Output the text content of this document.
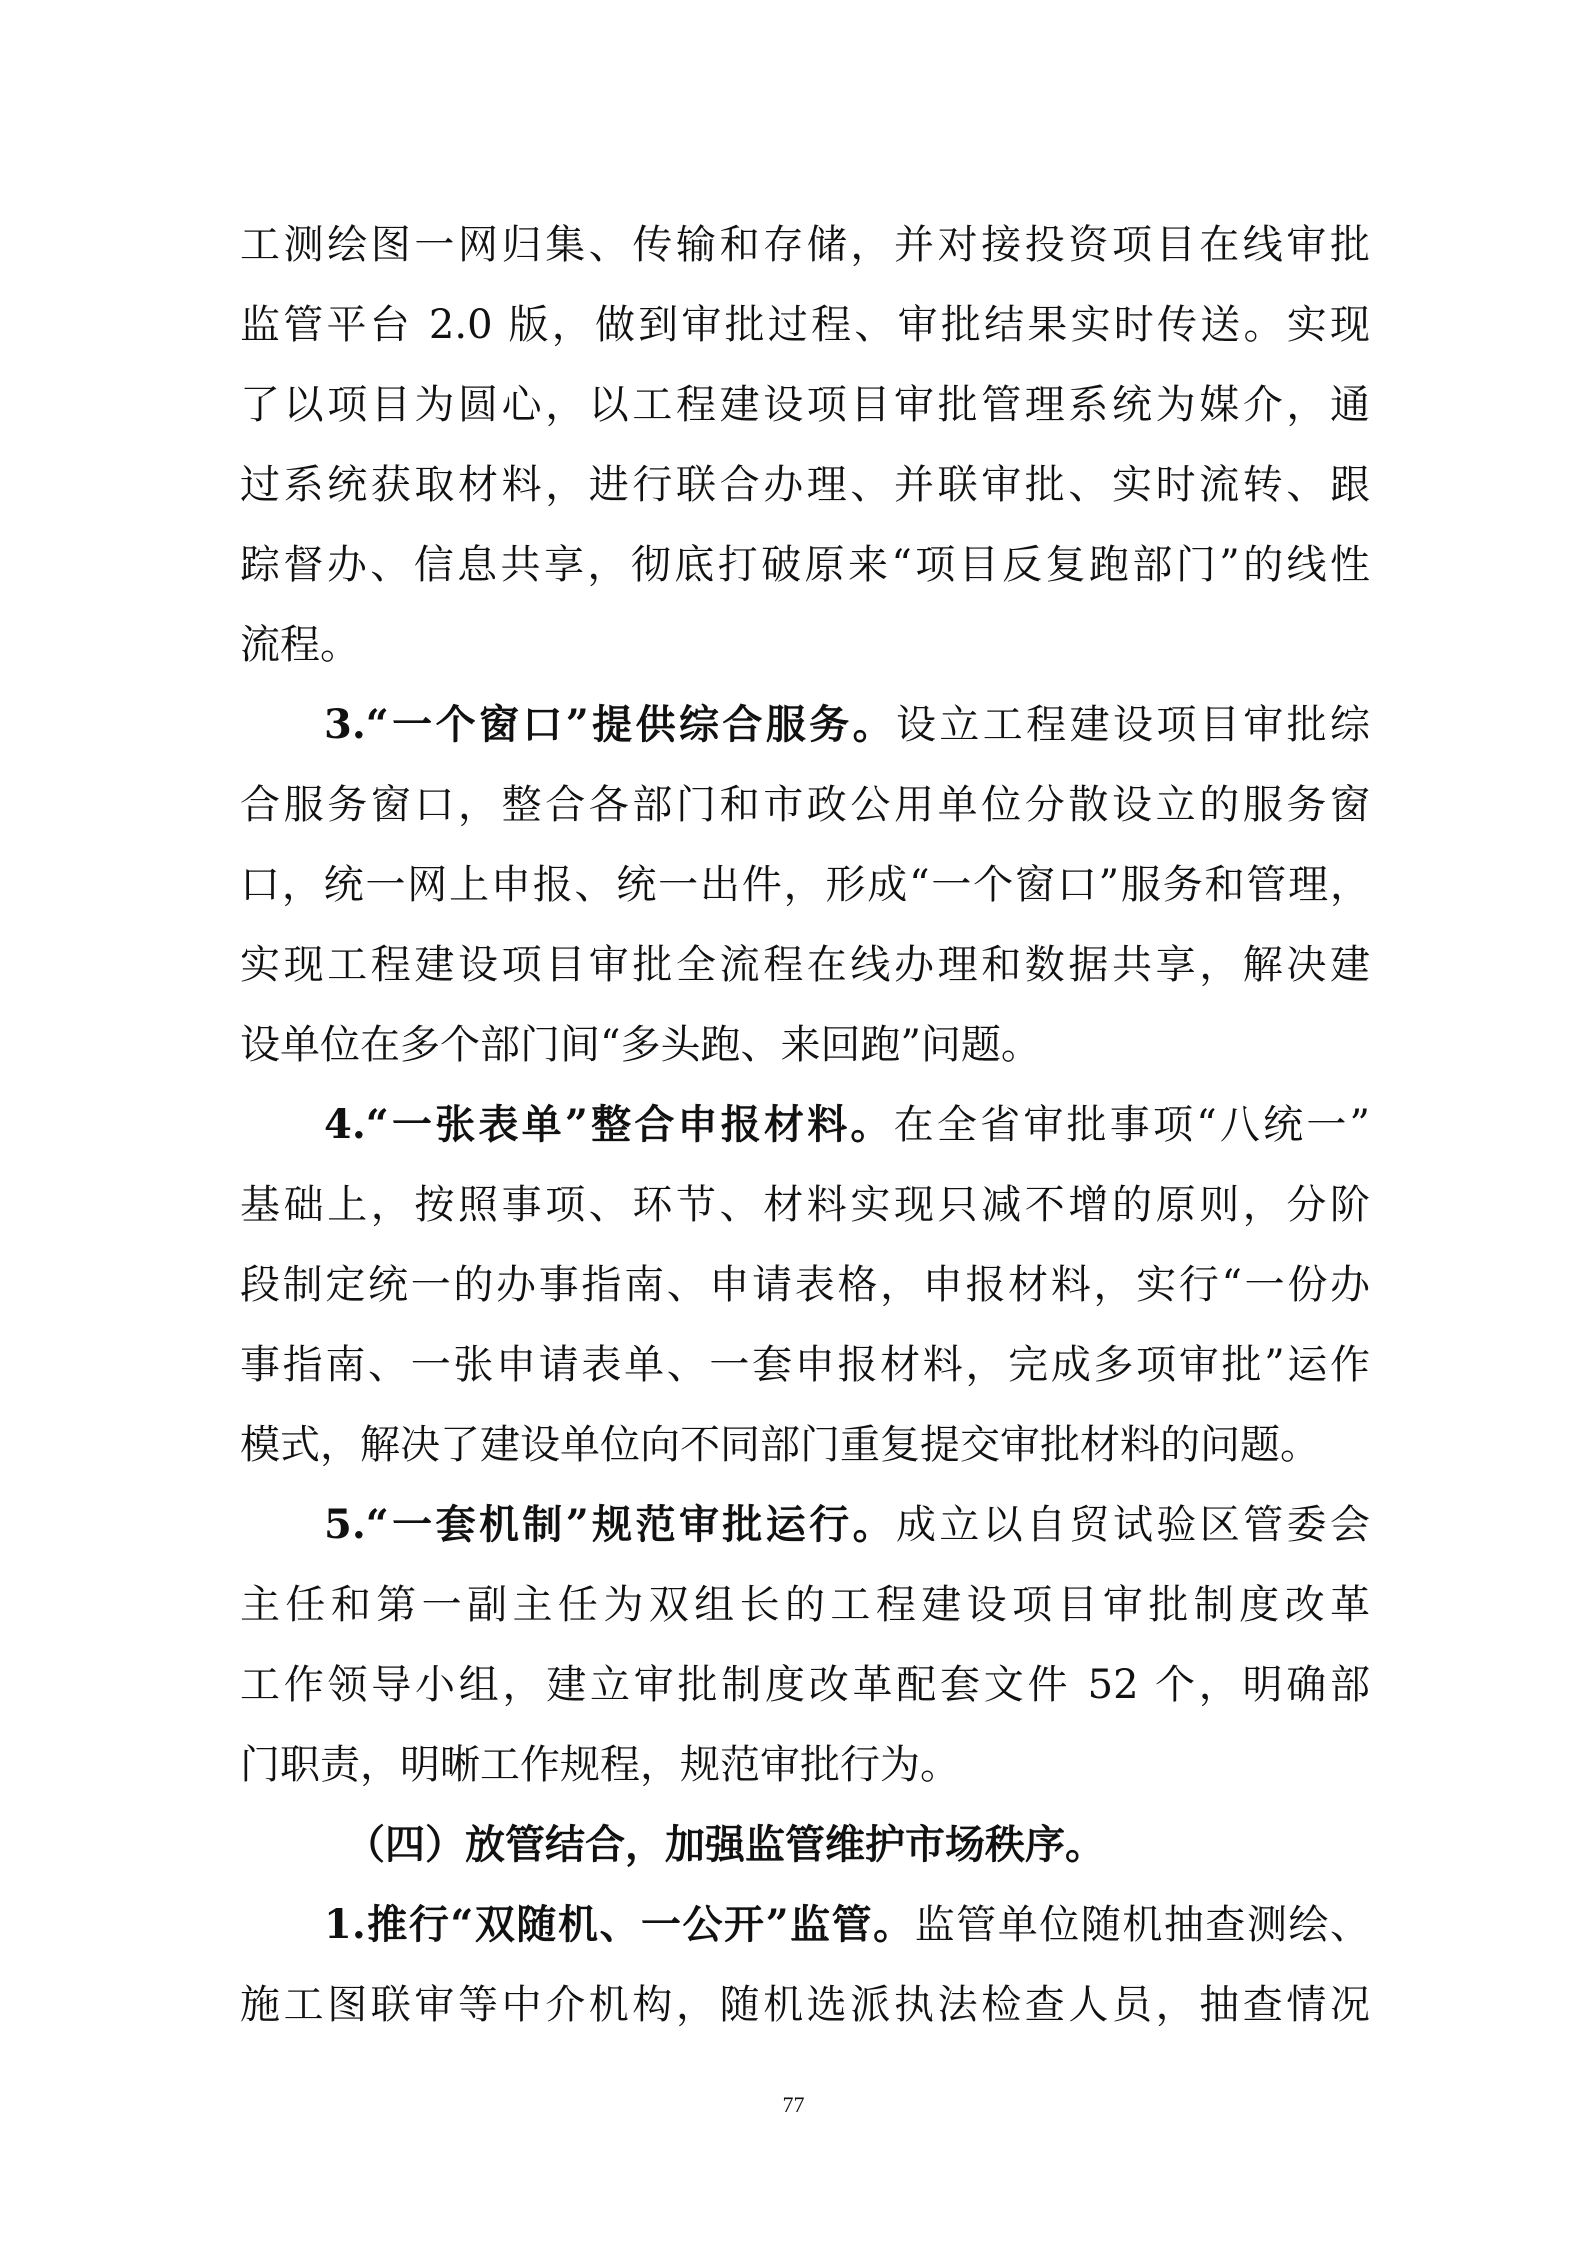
工测绘图一网归集、传输和存储，并对接投资项目在线审批
监管平台 2.0 版，做到审批过程、审批结果实时传送。实现
了以项目为圆心，以工程建设项目审批管理系统为媒介，通
过系统获取材料，进行联合办理、并联审批、实时流转、跟
踪督办、信息共享，彻底打破原来“项目反复跑部门”的线性
流程。
3.“一个窗口”提供综合服务。设立工程建设项目审批综
合服务窗口，整合各部门和市政公用单位分散设立的服务窗
口，统一网上申报、统一出件，形成“一个窗口”服务和管理，
实现工程建设项目审批全流程在线办理和数据共享，解决建
设单位在多个部门间“多头跑、来回跑”问题。
4.“一张表单”整合申报材料。在全省审批事项“八统一”
基础上，按照事项、环节、材料实现只减不增的原则，分阶
段制定统一的办事指南、申请表格，申报材料，实行“一份办
事指南、一张申请表单、一套申报材料，完成多项审批”运作
模式，解决了建设单位向不同部门重复提交审批材料的问题。
5.“一套机制”规范审批运行。成立以自贸试验区管委会
主任和第一副主任为双组长的工程建设项目审批制度改革
工作领导小组，建立审批制度改革配套文件 52 个，明确部
门职责，明晰工作规程，规范审批行为。
（四）放管结合，加强监管维护市场秩序。
1.推行“双随机、一公开”监管。监管单位随机抽查测绘、
施工图联审等中介机构，随机选派执法检查人员，抽查情况
77
